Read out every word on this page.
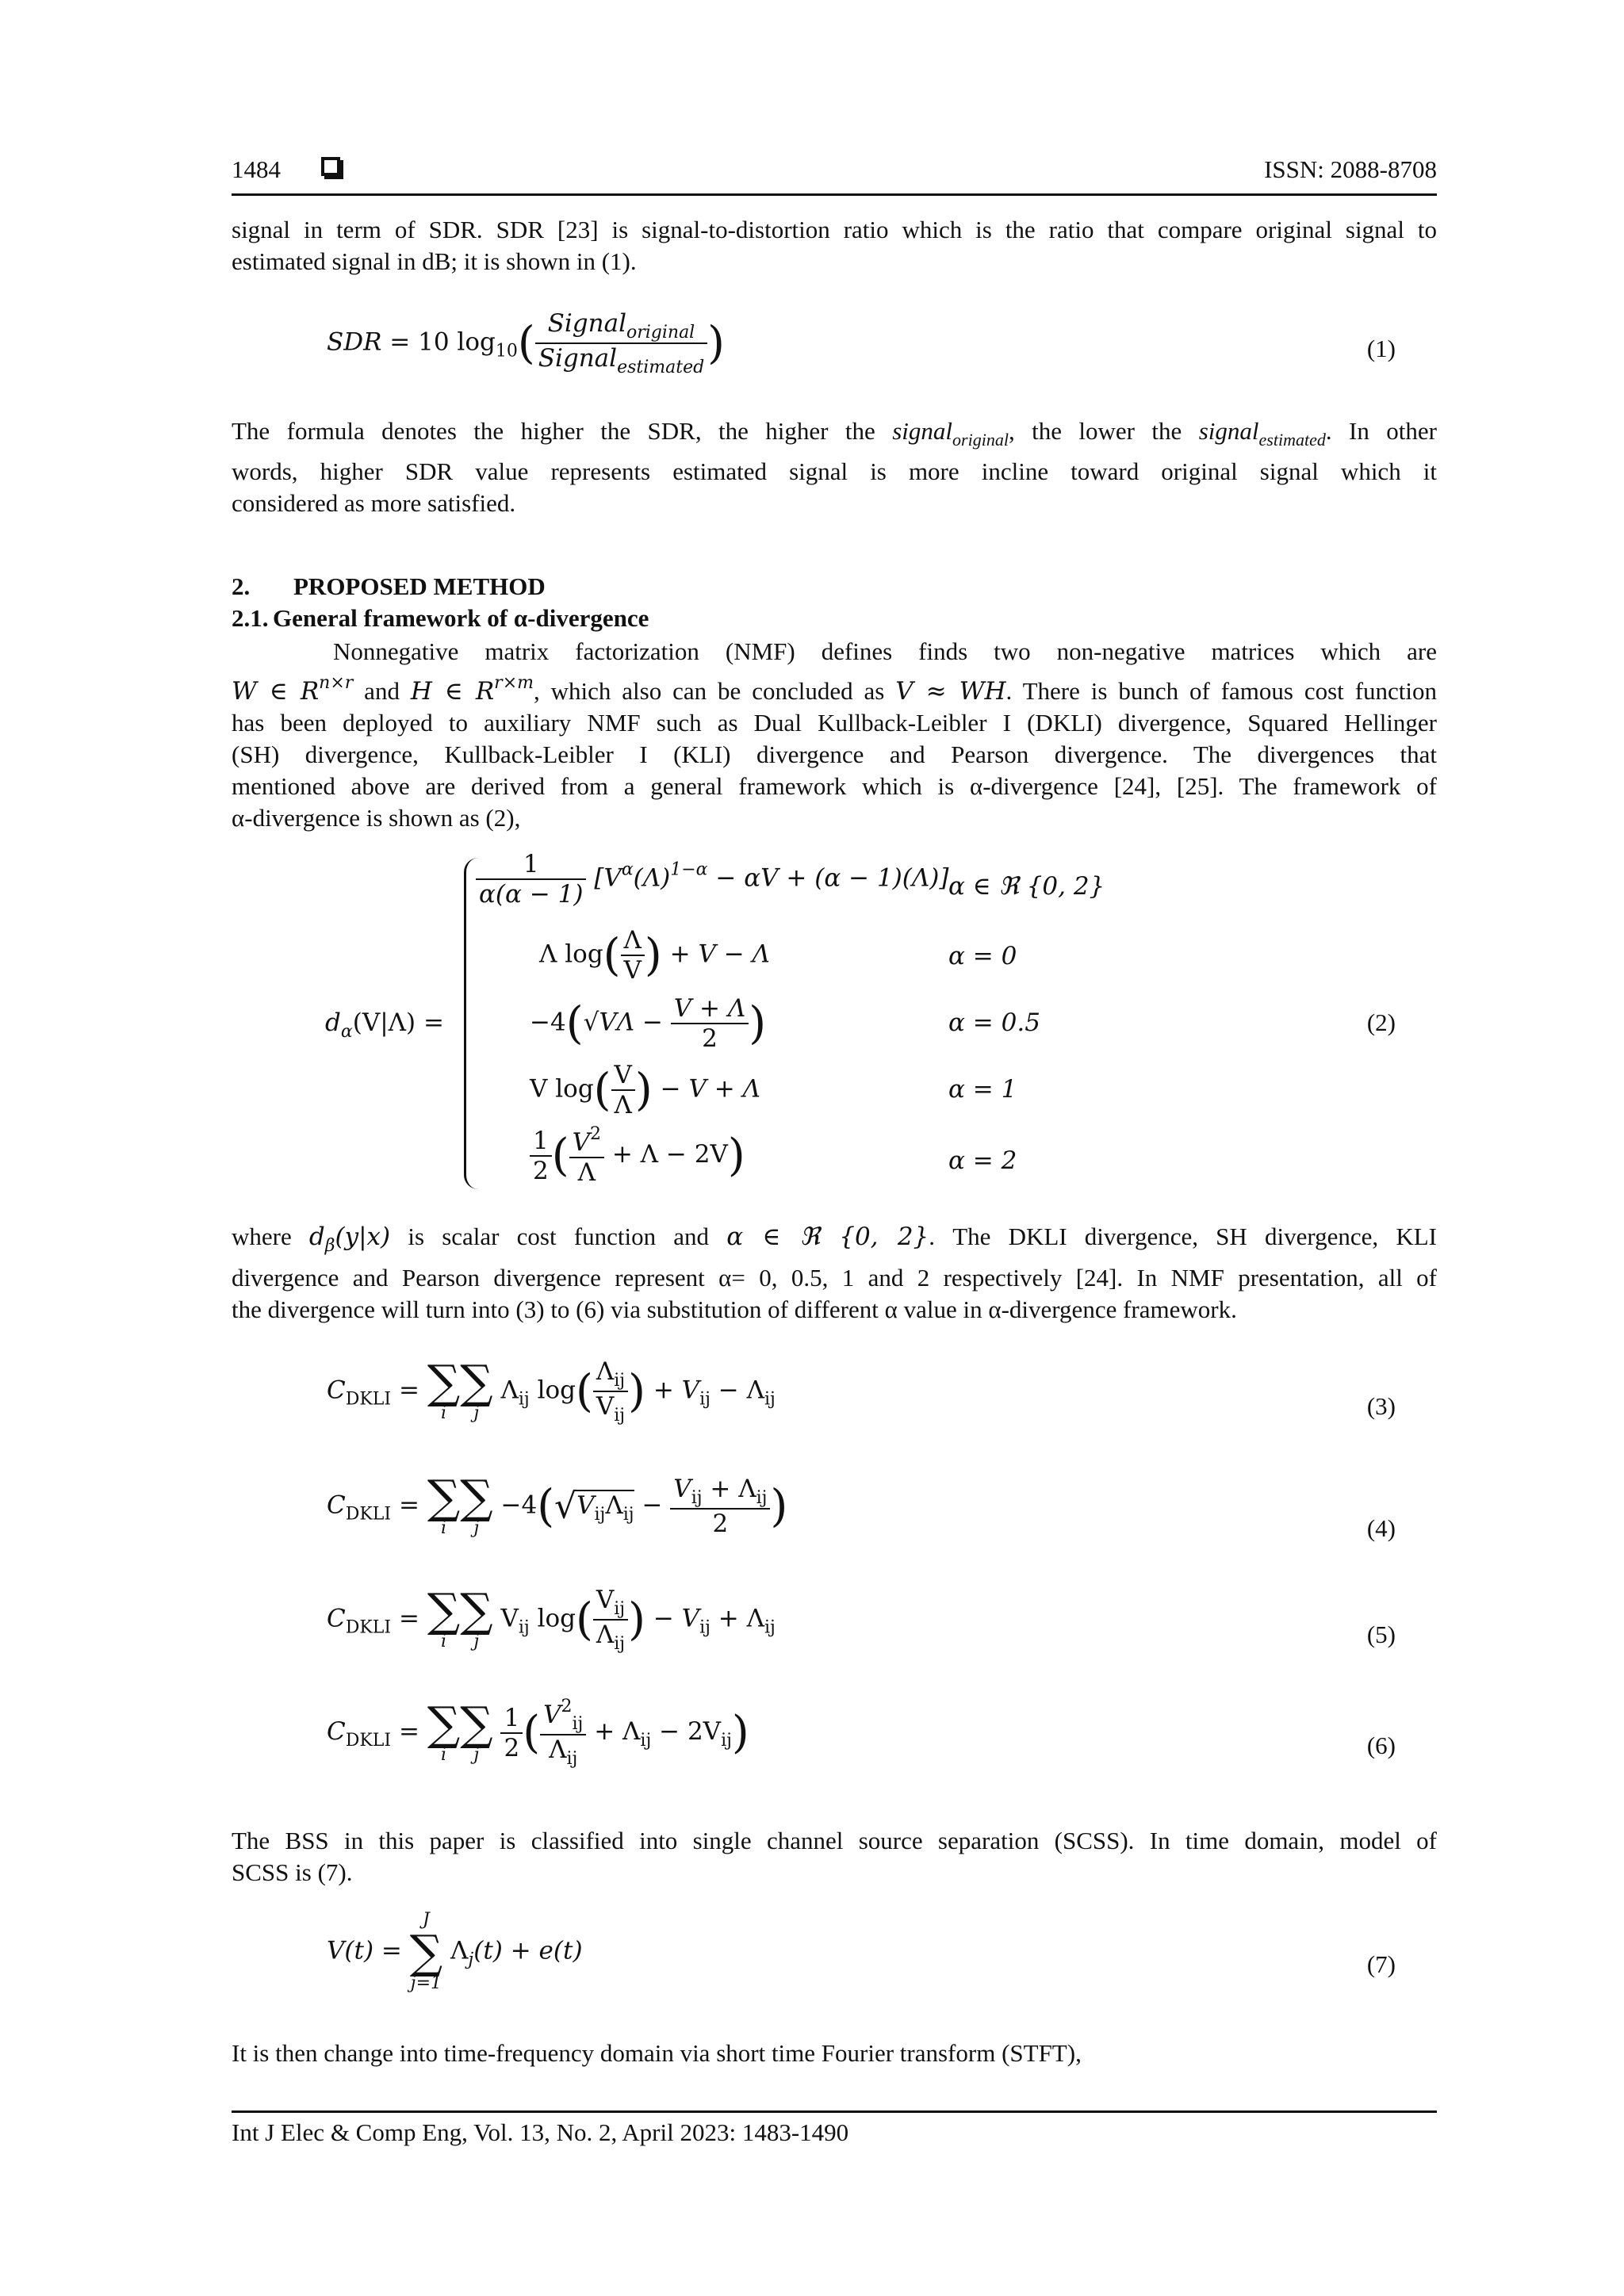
1484	ISSN: 2088-8708
signal in term of SDR. SDR [23] is signal-to-distortion ratio which is the ratio that compare original signal to
estimated signal in dB; it is shown in (1).
SDR = 10 $\log_{10}( \frac{Signal_{original}}{Signal_{estimated}}$ )	(1)
The formula denotes the higher the SDR, the higher the signal$_{original}$, the lower the signal$_{estimated}$. In other
words, higher SDR value represents estimated signal is more incline toward original signal which it
considered as more satisfied.
2. PROPOSED METHOD
2.1. General framework of α-divergence
Nonnegative matrix factorization (NMF) defines finds two non-negative matrices which are
W ∈ $R^{n\times r}$ and H ∈ $R^{r\times m}$, which also can be concluded as V ≈ WH. There is bunch of famous cost function
has been deployed to auxiliary NMF such as Dual Kullback-Leibler I (DKLI) divergence, Squared Hellinger
(SH) divergence, Kullback-Leibler I (KLI) divergence and Pearson divergence. The divergences that
mentioned above are derived from a general framework which is α-divergence [24], [25]. The framework of
α-divergence is shown as (2),
$d_\alpha(V|\Lambda)$ =
$\frac{1}{\alpha(\alpha - 1)} [V^\alpha(\Lambda)^{1-\alpha} - \alpha V + (\alpha - 1)(\Lambda)]$ α ∈ ℜ {0, 2}
Λ $\log( \frac{\Lambda}{V}$ ) + V − Λ	α = 0
$-4(√V\Lambda - \frac{V + \Lambda}{2}$ )	α = 0.5
V $\log( \frac{V}{\Lambda}$ ) − V + Λ	α = 1
$\frac{1}{2}$ ( $\frac{V^2}{\Lambda} + \Lambda - 2V$)	α = 2
(2)
where $d_\beta(y|x)$ is scalar cost function and α ∈ ℜ {0, 2}. The DKLI divergence, SH divergence, KLI
divergence and Pearson divergence represent α= 0, 0.5, 1 and 2 respectively [24]. In NMF presentation, all of
the divergence will turn into (3) to (6) via substitution of different α value in α-divergence framework.
$C_{DKLI}$ = ∑
i
∑
j
$\Lambda_{ij}$ $\log( \frac{\Lambda_{ij}}{V_{ij}}$ ) + $V_{ij} - \Lambda_{ij}$	(3)
$C_{DKLI}$ = ∑
i
∑
j
$-4(√V_{ij}\Lambda_{ij} - \frac{V_{ij} + \Lambda_{ij}}{2}$ )	(4)
$C_{DKLI}$ = ∑
i
∑
j
$V_{ij}$ $\log( \frac{V_{ij}}{\Lambda_{ij}}$ ) − $V_{ij} + \Lambda_{ij}$	(5)
$C_{DKLI}$ = ∑
i
∑
j
$\frac{1}{2}$ ( $\frac{V^2_{ij}}{\Lambda_{ij}} + \Lambda_{ij} - 2V_{ij}$)	(6)
The BSS in this paper is classified into single channel source separation (SCSS). In time domain, model of
SCSS is (7).
V(t) =
J
∑
j=1
$\Lambda_j(t) + e(t)$	(7)
It is then change into time-frequency domain via short time Fourier transform (STFT),
Int J Elec & Comp Eng, Vol. 13, No. 2, April 2023: 1483-1490
